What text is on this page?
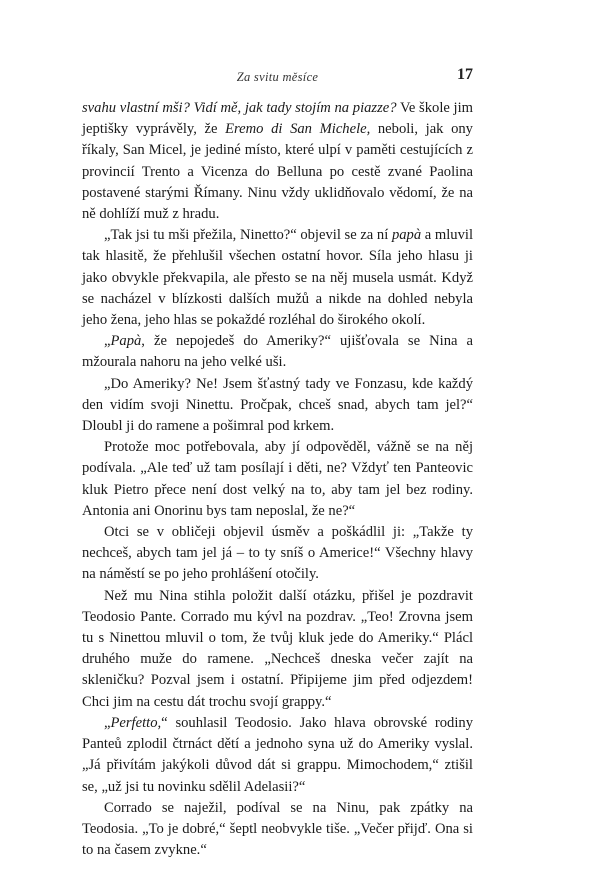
Za svitu měsíce	17

svahu vlastní mši? Vidí mě, jak tady stojím na piazze? Ve škole jim jeptišky vyprávěly, že Eremo di San Michele, neboli, jak ony říkaly, San Micel, je jediné místo, které ulpí v paměti cestujících z provincií Trento a Vicenza do Belluna po cestě zvané Paolina postavené starými Římany. Ninu vždy uklidňovalo vědomí, že na ně dohlíží muž z hradu.

„Tak jsi tu mši přežila, Ninetto?“ objevil se za ní papà a mluvil tak hlasitě, že přehlušil všechen ostatní hovor. Síla jeho hlasu ji jako obvykle překvapila, ale přesto se na něj musela usmát. Když se nacházel v blízkosti dalších mužů a nikde na dohled nebyla jeho žena, jeho hlas se pokaždé rozléhal do širokého okolí.

„Papà, že nepojedeš do Ameriky?“ ujišťovala se Nina a mžourala nahoru na jeho velké uši.

„Do Ameriky? Ne! Jsem šťastný tady ve Fonzasu, kde každý den vidím svoji Ninettu. Pročpak, chceš snad, abych tam jel?“ Dloubl ji do ramene a pošimral pod krkem.

Protože moc potřebovala, aby jí odpověděl, vážně se na něj podívala. „Ale teď už tam posílají i děti, ne? Vždyť ten Panteovic kluk Pietro přece není dost velký na to, aby tam jel bez rodiny. Antonia ani Onorinu bys tam neposlal, že ne?“

Otci se v obličeji objevil úsměv a poškádlil ji: „Takže ty nechceš, abych tam jel já – to ty sníš o Americe!“ Všechny hlavy na náměstí se po jeho prohlášení otočily.

Než mu Nina stihla položit další otázku, přišel je pozdravit Teodosio Pante. Corrado mu kývl na pozdrav. „Teo! Zrovna jsem tu s Ninettou mluvil o tom, že tvůj kluk jede do Ameriky.“ Plácl druhého muže do ramene. „Nechceš dneska večer zajít na skleničku? Pozval jsem i ostatní. Připijeme jim před odjezdem! Chci jim na cestu dát trochu svojí grappy.“

„Perfetto,“ souhlasil Teodosio. Jako hlava obrovské rodiny Panteů zplodil čtrnáct dětí a jednoho syna už do Ameriky vyslal. „Já přivítám jakýkoli důvod dát si grappu. Mimochodem,“ ztišil se, „už jsi tu novinku sdělil Adelasii?“

Corrado se naježil, podíval se na Ninu, pak zpátky na Teodosia. „To je dobré,“ šeptl neobvykle tiše. „Večer přijď. Ona si to na časem zvykne.“
